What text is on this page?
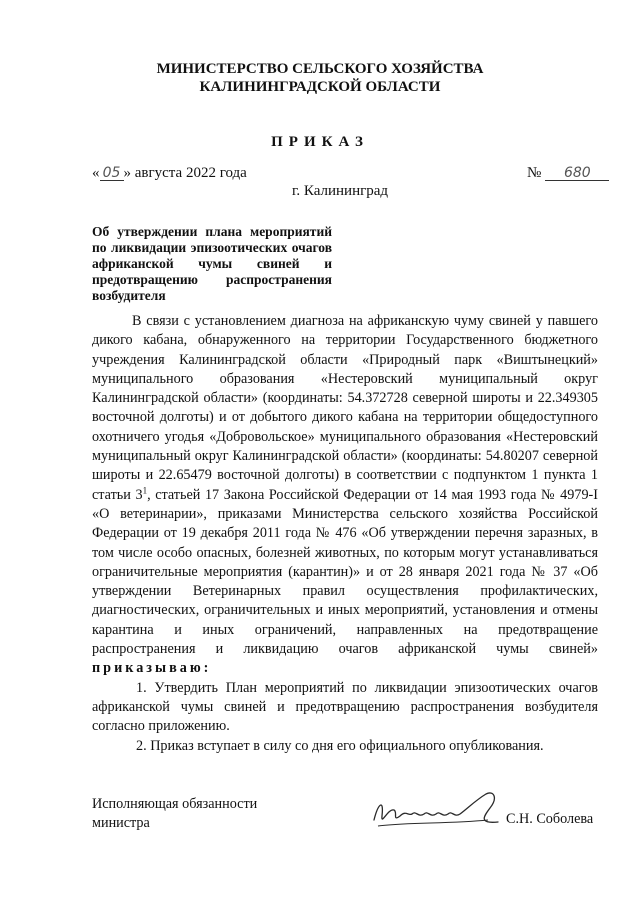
МИНИСТЕРСТВО СЕЛЬСКОГО ХОЗЯЙСТВА
КАЛИНИНГРАДСКОЙ ОБЛАСТИ
ПРИКАЗ
« 05 » августа 2022 года	№ 680
г. Калининград
Об утверждении плана мероприятий по ликвидации эпизоотических очагов африканской чумы свиней и предотвращению распространения возбудителя

В связи с установлением диагноза на африканскую чуму свиней у павшего дикого кабана, обнаруженного на территории Государственного бюджетного учреждения Калининградской области «Природный парк «Виштынецкий» муниципального образования «Нестеровский муниципальный округ Калининградской области» (координаты: 54.372728 северной широты и 22.349305 восточной долготы) и от добытого дикого кабана на территории общедоступного охотничего угодья «Добровольское» муниципального образования «Нестеровский муниципальный округ Калининградской области» (координаты: 54.80207 северной широты и 22.65479 восточной долготы) в соответствии с подпунктом 1 пункта 1 статьи $3^1$, статьей 17 Закона Российской Федерации от 14 мая 1993 года № 4979-I «О ветеринарии», приказами Министерства сельского хозяйства Российской Федерации от 19 декабря 2011 года № 476 «Об утверждении перечня заразных, в том числе особо опасных, болезней животных, по которым могут устанавливаться ограничительные мероприятия (карантин)» и от 28 января 2021 года № 37 «Об утверждении Ветеринарных правил осуществления профилактических, диагностических, ограничительных и иных мероприятий, установления и отмены карантина и иных ограничений, направленных на предотвращение распространения и ликвидацию очагов африканской чумы свиней» приказываю:

1. Утвердить План мероприятий по ликвидации эпизоотических очагов африканской чумы свиней и предотвращению распространения возбудителя согласно приложению.

2. Приказ вступает в силу со дня его официального опубликования.

Исполняющая обязанности
министра	С.Н. Соболева
